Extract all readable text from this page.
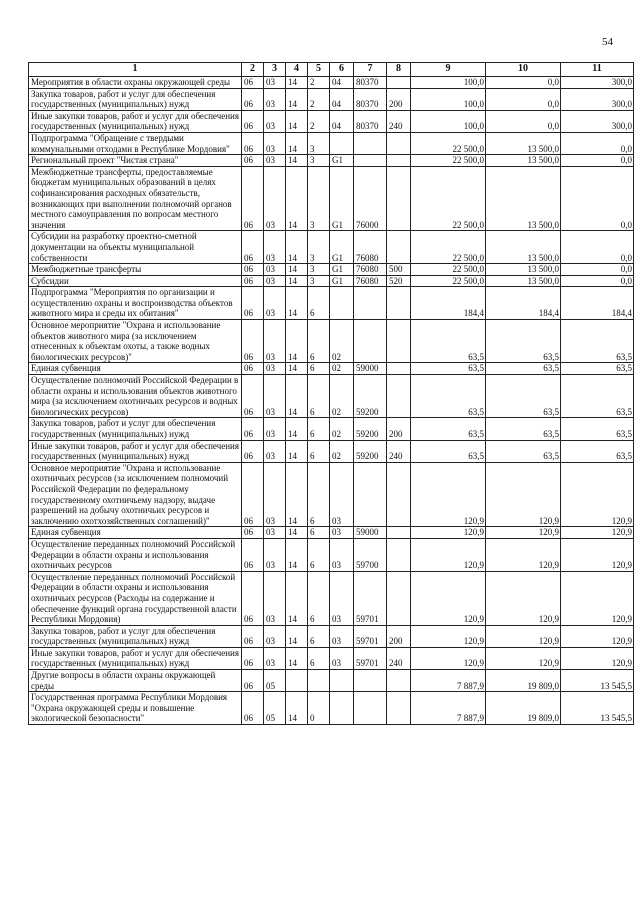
54
1	2	3	4	5	6	7	8	9	10	11
Мероприятия в области охраны окружающей среды	06	03	14	2	04	80370		100,0	0,0	300,0
Закупка товаров, работ и услуг для обеспечения государственных (муниципальных) нужд	06	03	14	2	04	80370	200	100,0	0,0	300,0
Иные закупки товаров, работ и услуг для обеспечения государственных (муниципальных) нужд	06	03	14	2	04	80370	240	100,0	0,0	300,0
Подпрограмма "Обращение с твердыми коммунальными отходами в Республике Мордовия"	06	03	14	3				22 500,0	13 500,0	0,0
Региональный проект "Чистая страна"	06	03	14	3	G1			22 500,0	13 500,0	0,0
Межбюджетные трансферты, предоставляемые бюджетам муниципальных образований в целях софинансирования расходных обязательств, возникающих при выполнении полномочий органов местного самоуправления по вопросам местного значения	06	03	14	3	G1	76000		22 500,0	13 500,0	0,0
Субсидии на разработку проектно-сметной документации на объекты муниципальной собственности	06	03	14	3	G1	76080		22 500,0	13 500,0	0,0
Межбюджетные трансферты	06	03	14	3	G1	76080	500	22 500,0	13 500,0	0,0
Субсидии	06	03	14	3	G1	76080	520	22 500,0	13 500,0	0,0
Подпрограмма "Мероприятия по организации и осуществлению охраны и воспроизводства объектов животного мира и среды их обитания"	06	03	14	6				184,4	184,4	184,4
Основное мероприятие "Охрана и использование объектов животного мира (за исключением отнесенных к объектам охоты, а также водных биологических ресурсов)"	06	03	14	6	02			63,5	63,5	63,5
Единая субвенция	06	03	14	6	02	59000		63,5	63,5	63,5
Осуществление полномочий Российской Федерации в области охраны и использования объектов животного мира (за исключением охотничьих ресурсов и водных биологических ресурсов)	06	03	14	6	02	59200		63,5	63,5	63,5
Закупка товаров, работ и услуг для обеспечения государственных (муниципальных) нужд	06	03	14	6	02	59200	200	63,5	63,5	63,5
Иные закупки товаров, работ и услуг для обеспечения государственных (муниципальных) нужд	06	03	14	6	02	59200	240	63,5	63,5	63,5
Основное мероприятие "Охрана и использование охотничьих ресурсов (за исключением полномочий Российской Федерации по федеральному государственному охотничьему надзору, выдаче разрешений на добычу охотничьих ресурсов и заключению охотхозяйственных соглашений)"	06	03	14	6	03			120,9	120,9	120,9
Единая субвенция	06	03	14	6	03	59000		120,9	120,9	120,9
Осуществление переданных полномочий Российской Федерации в области охраны и использования охотничьих ресурсов	06	03	14	6	03	59700		120,9	120,9	120,9
Осуществление переданных полномочий Российской Федерации в области охраны и использования охотничьих ресурсов (Расходы на содержание и обеспечение функций органа государственной власти Республики Мордовия)	06	03	14	6	03	59701		120,9	120,9	120,9
Закупка товаров, работ и услуг для обеспечения государственных (муниципальных) нужд	06	03	14	6	03	59701	200	120,9	120,9	120,9
Иные закупки товаров, работ и услуг для обеспечения государственных (муниципальных) нужд	06	03	14	6	03	59701	240	120,9	120,9	120,9
Другие вопросы в области охраны окружающей среды	06	05						7 887,9	19 809,0	13 545,5
Государственная программа Республики Мордовия "Охрана окружающей среды и повышение экологической безопасности"	06	05	14	0				7 887,9	19 809,0	13 545,5
